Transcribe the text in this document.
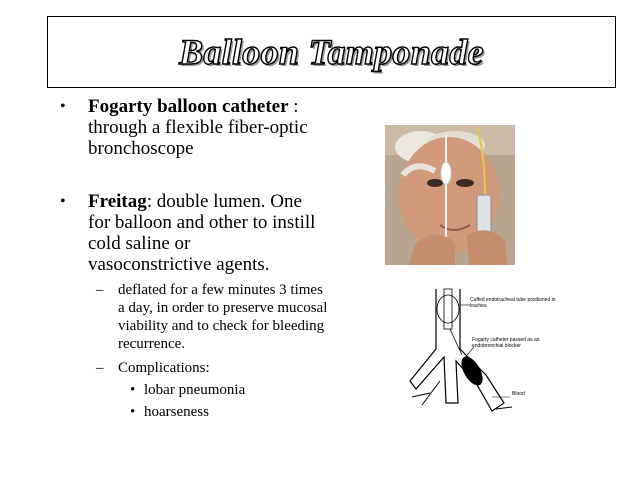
Balloon Tamponade
•	Fogarty balloon catheter : through a flexible fiber-optic bronchoscope
•	Freitag: double lumen. One for balloon and other to instill cold saline or vasoconstrictive agents.
– deflated for a few minutes 3 times a day, in order to preserve mucosal viability and to check for bleeding recurrence.
– Complications:
• lobar pneumonia
• hoarseness
Cuffed endotracheal tube positioned in trachea
Fogarty catheter passed as an endobronchial blocker
Blood
